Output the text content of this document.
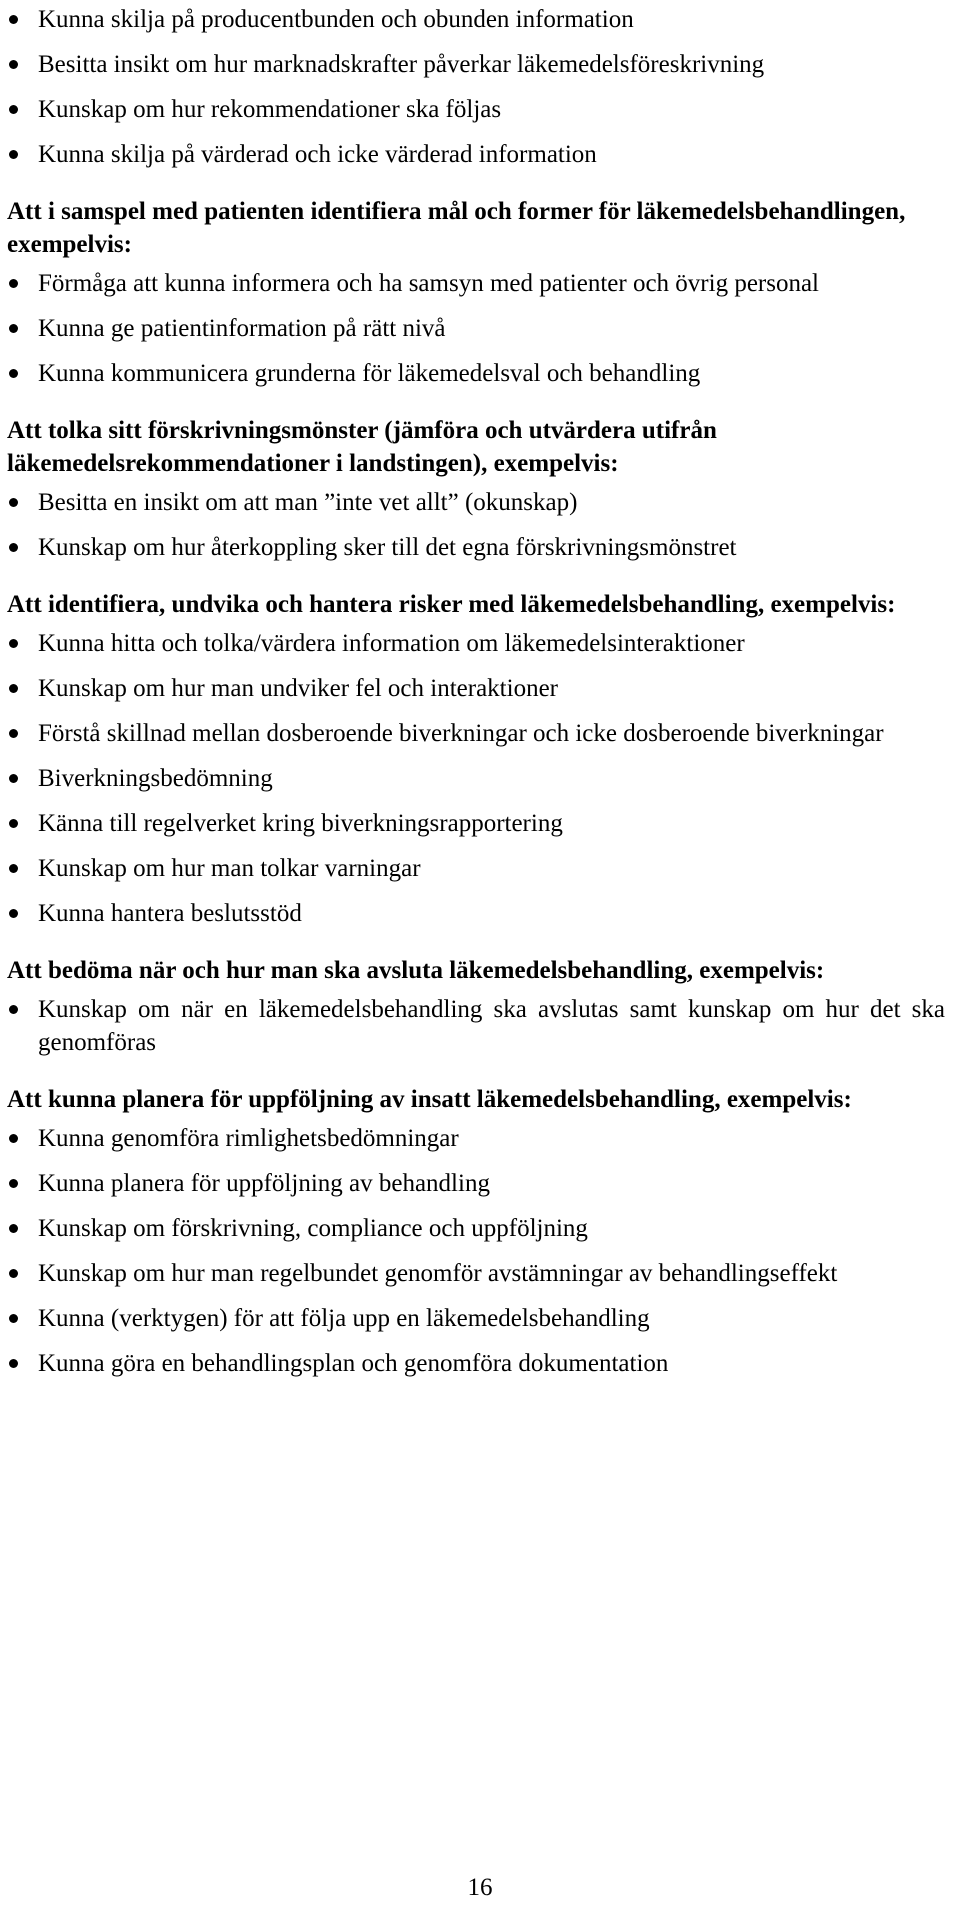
Kunna skilja på producentbunden och obunden information
Besitta insikt om hur marknadskrafter påverkar läkemedelsföreskrivning
Kunskap om hur rekommendationer ska följas
Kunna skilja på värderad och icke värderad information
Att i samspel med patienten identifiera mål och former för läkemedelsbehandlingen, exempelvis:
Förmåga att kunna informera och ha samsyn med patienter och övrig personal
Kunna ge patientinformation på rätt nivå
Kunna kommunicera grunderna för läkemedelsval och behandling
Att tolka sitt förskrivningsmönster (jämföra och utvärdera utifrån läkemedelsrekommendationer i landstingen), exempelvis:
Besitta en insikt om att man ”inte vet allt” (okunskap)
Kunskap om hur återkoppling sker till det egna förskrivningsmönstret
Att identifiera, undvika och hantera risker med läkemedelsbehandling, exempelvis:
Kunna hitta och tolka/värdera information om läkemedelsinteraktioner
Kunskap om hur man undviker fel och interaktioner
Förstå skillnad mellan dosberoende biverkningar och icke dosberoende biverkningar
Biverkningsbedömning
Känna till regelverket kring biverkningsrapportering
Kunskap om hur man tolkar varningar
Kunna hantera beslutsstöd
Att bedöma när och hur man ska avsluta läkemedelsbehandling, exempelvis:
Kunskap om när en läkemedelsbehandling ska avslutas samt kunskap om hur det ska genomföras
Att kunna planera för uppföljning av insatt läkemedelsbehandling, exempelvis:
Kunna genomföra rimlighetsbedömningar
Kunna planera för uppföljning av behandling
Kunskap om förskrivning, compliance och uppföljning
Kunskap om hur man regelbundet genomför avstämningar av behandlingseffekt
Kunna (verktygen) för att följa upp en läkemedelsbehandling
Kunna göra en behandlingsplan och genomföra dokumentation
16
